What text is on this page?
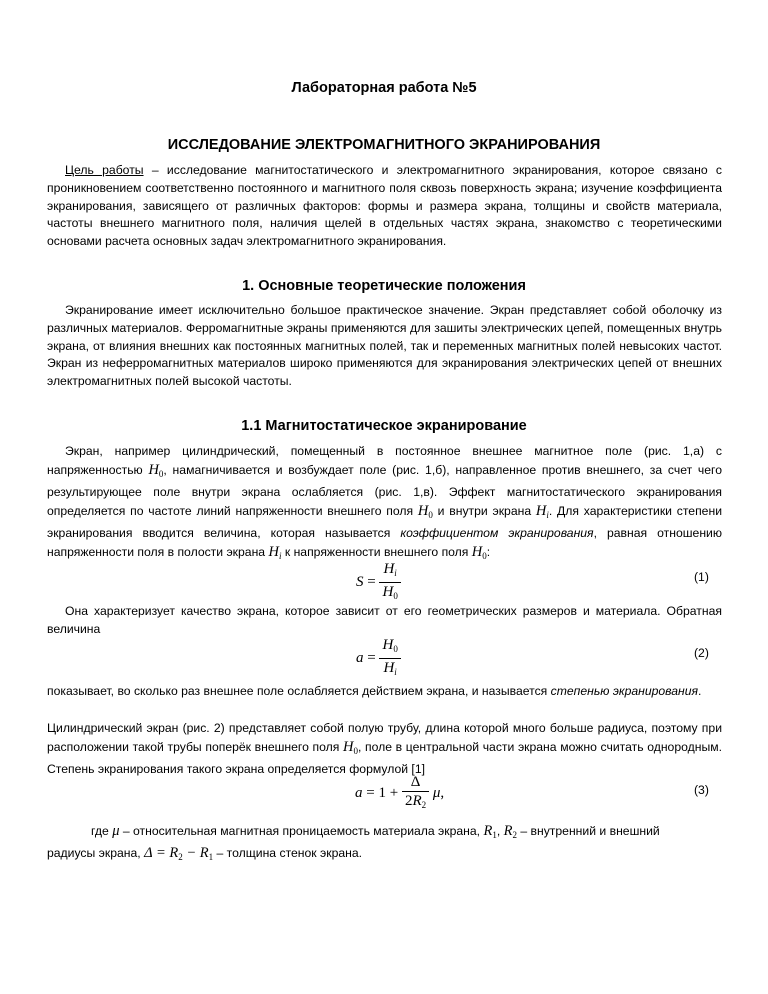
Лабораторная работа №5
ИССЛЕДОВАНИЕ ЭЛЕКТРОМАГНИТНОГО ЭКРАНИРОВАНИЯ

Цель работы – исследование магнитостатического и электромагнитного экранирования, которое связано с проникновением соответственно постоянного и магнитного поля сквозь поверхность экрана; изучение коэффициента экранирования, зависящего от различных факторов: формы и размера экрана, толщины и свойств материала, частоты внешнего магнитного поля, наличия щелей в отдельных частях экрана, знакомство с теоретическими основами расчета основных задач электромагнитного экранирования.

1. Основные теоретические положения

Экранирование имеет исключительно большое практическое значение. Экран представляет собой оболочку из различных материалов. Ферромагнитные экраны применяются для зашиты электрических цепей, помещенных внутрь экрана, от влияния внешних как постоянных магнитных полей, так и переменных магнитных полей невысоких частот. Экран из неферромагнитных материалов широко применяются для экранирования электрических цепей от внешних электромагнитных полей высокой частоты.

1.1 Магнитостатическое экранирование

Экран, например цилиндрический, помещенный в постоянное внешнее магнитное поле (рис. 1,а) с напряженностью $H_0$, намагничивается и возбуждает поле (рис. 1,б), направленное против внешнего, за счет чего результирующее поле внутри экрана ослабляется (рис. 1,в). Эффект магнитостатического экранирования определяется по частоте линий напряженности внешнего поля $H_0$ и внутри экрана $H_i$. Для характеристики степени экранирования вводится величина, которая называется коэффициентом экранирования, равная отношению напряженности поля в полости экрана $H_i$ к напряженности внешнего поля $H_0$:

$S = \frac{H_i}{H_0}$	(1)

Она характеризует качество экрана, которое зависит от его геометрических размеров и материала. Обратная величина

$a = \frac{H_0}{H_i}$	(2)

показывает, во сколько раз внешнее поле ослабляется действием экрана, и называется степенью экранирования.

Цилиндрический экран (рис. 2) представляет собой полую трубу, длина которой много больше радиуса, поэтому при расположении такой трубы поперёк внешнего поля $H_0$, поле в центральной части экрана можно считать однородным. Степень экранирования такого экрана определяется формулой [1]

$a = 1 + \frac{\Delta}{2R_2} \mu$,	(3)

где μ – относительная магнитная проницаемость материала экрана, $R_1$, $R_2$ – внутренний и внешний

радиусы экрана, $\Delta = R_2 - R_1$ – толщина стенок экрана.
